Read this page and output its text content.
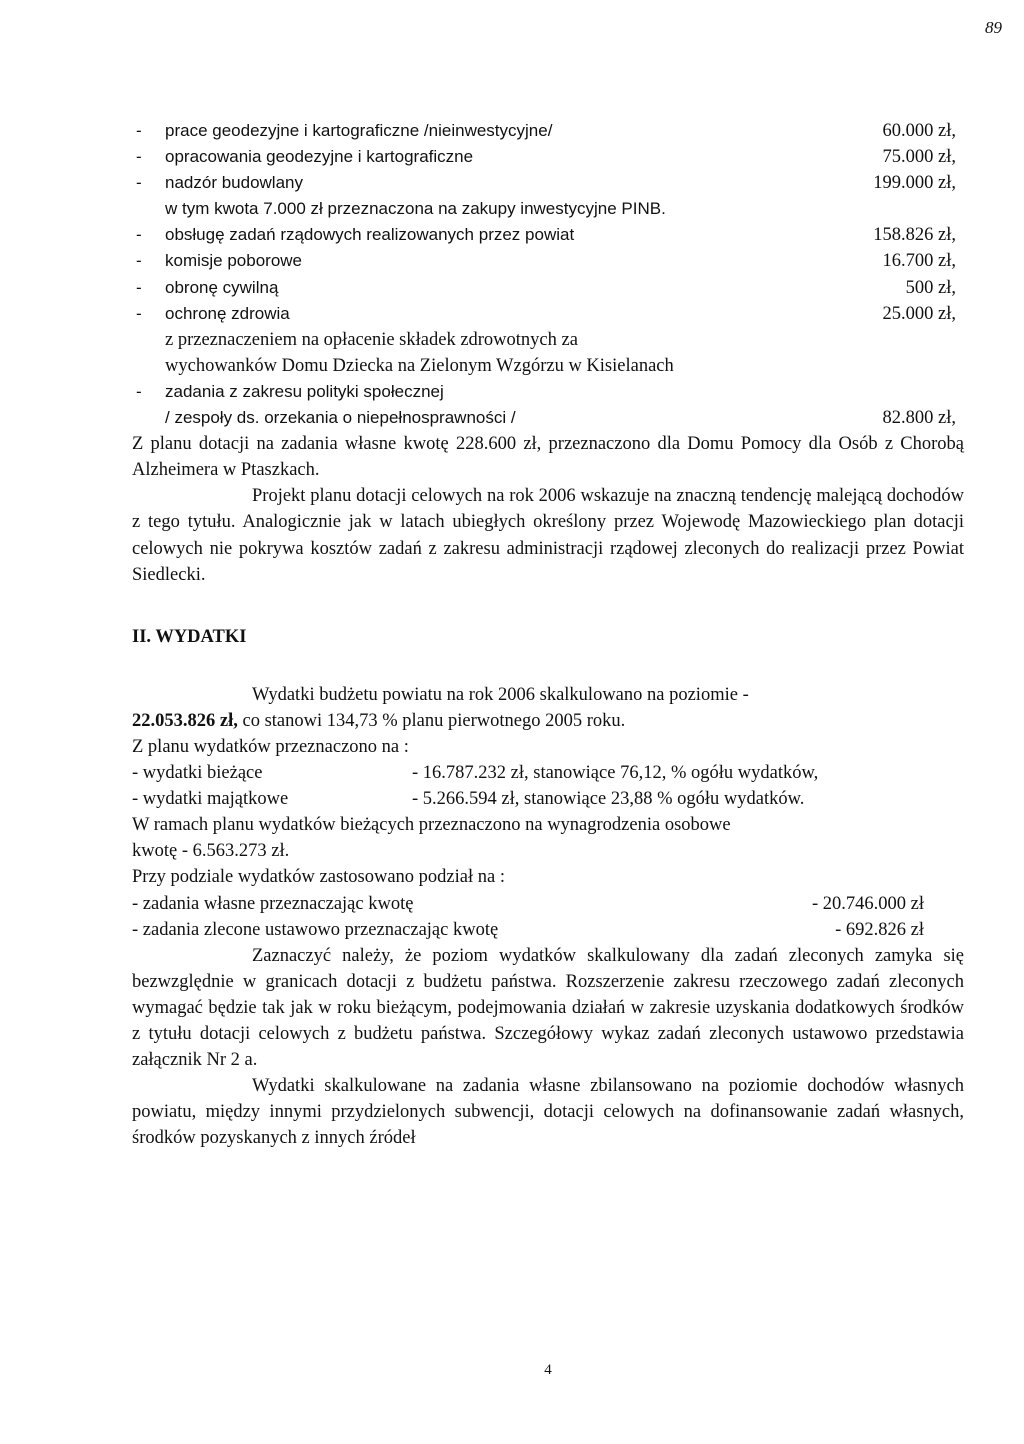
89
- prace geodezyjne i kartograficzne /nieinwestycyjne/	60.000 zł,
- opracowania geodezyjne i kartograficzne	75.000 zł,
- nadzór budowlany	199.000 zł,
w tym kwota 7.000 zł przeznaczona na zakupy inwestycyjne PINB.
- obsługę zadań rządowych realizowanych przez powiat	158.826 zł,
- komisje poborowe	16.700 zł,
- obronę cywilną	500 zł,
- ochronę zdrowia	25.000 zł,
z przeznaczeniem na opłacenie składek zdrowotnych za
wychowanków Domu Dziecka na Zielonym Wzgórzu w Kisielanach
- zadania z zakresu polityki społecznej
/ zespoły ds. orzekania o niepełnosprawności /	82.800 zł,

Z planu dotacji na zadania własne kwotę 228.600 zł, przeznaczono dla Domu Pomocy dla Osób z Chorobą Alzheimera w Ptaszkach.

Projekt planu dotacji celowych na rok 2006 wskazuje na znaczną tendencję malejącą dochodów z tego tytułu. Analogicznie jak w latach ubiegłych określony przez Wojewodę Mazowieckiego plan dotacji celowych nie pokrywa kosztów zadań z zakresu administracji rządowej zleconych do realizacji przez Powiat Siedlecki.

II. WYDATKI
Wydatki budżetu powiatu na rok 2006 skalkulowano na poziomie -
22.053.826 zł, co stanowi 134,73 % planu pierwotnego 2005 roku.
Z planu wydatków przeznaczono na :
- wydatki bieżące	- 16.787.232 zł, stanowiące 76,12, % ogółu wydatków,
- wydatki majątkowe	- 5.266.594 zł, stanowiące 23,88 % ogółu wydatków.
W ramach planu wydatków bieżących przeznaczono na wynagrodzenia osobowe
kwotę - 6.563.273 zł.
Przy podziale wydatków zastosowano podział na :
- zadania własne przeznaczając kwotę	- 20.746.000 zł
- zadania zlecone ustawowo przeznaczając kwotę	- 692.826 zł

Zaznaczyć należy, że poziom wydatków skalkulowany dla zadań zleconych zamyka się bezwzględnie w granicach dotacji z budżetu państwa. Rozszerzenie zakresu rzeczowego zadań zleconych wymagać będzie tak jak w roku bieżącym, podejmowania działań w zakresie uzyskania dodatkowych środków z tytułu dotacji celowych z budżetu państwa. Szczegółowy wykaz zadań zleconych ustawowo przedstawia załącznik Nr 2 a.

Wydatki skalkulowane na zadania własne zbilansowano na poziomie dochodów własnych powiatu, między innymi przydzielonych subwencji, dotacji celowych na dofinansowanie zadań własnych, środków pozyskanych z innych źródeł

4
